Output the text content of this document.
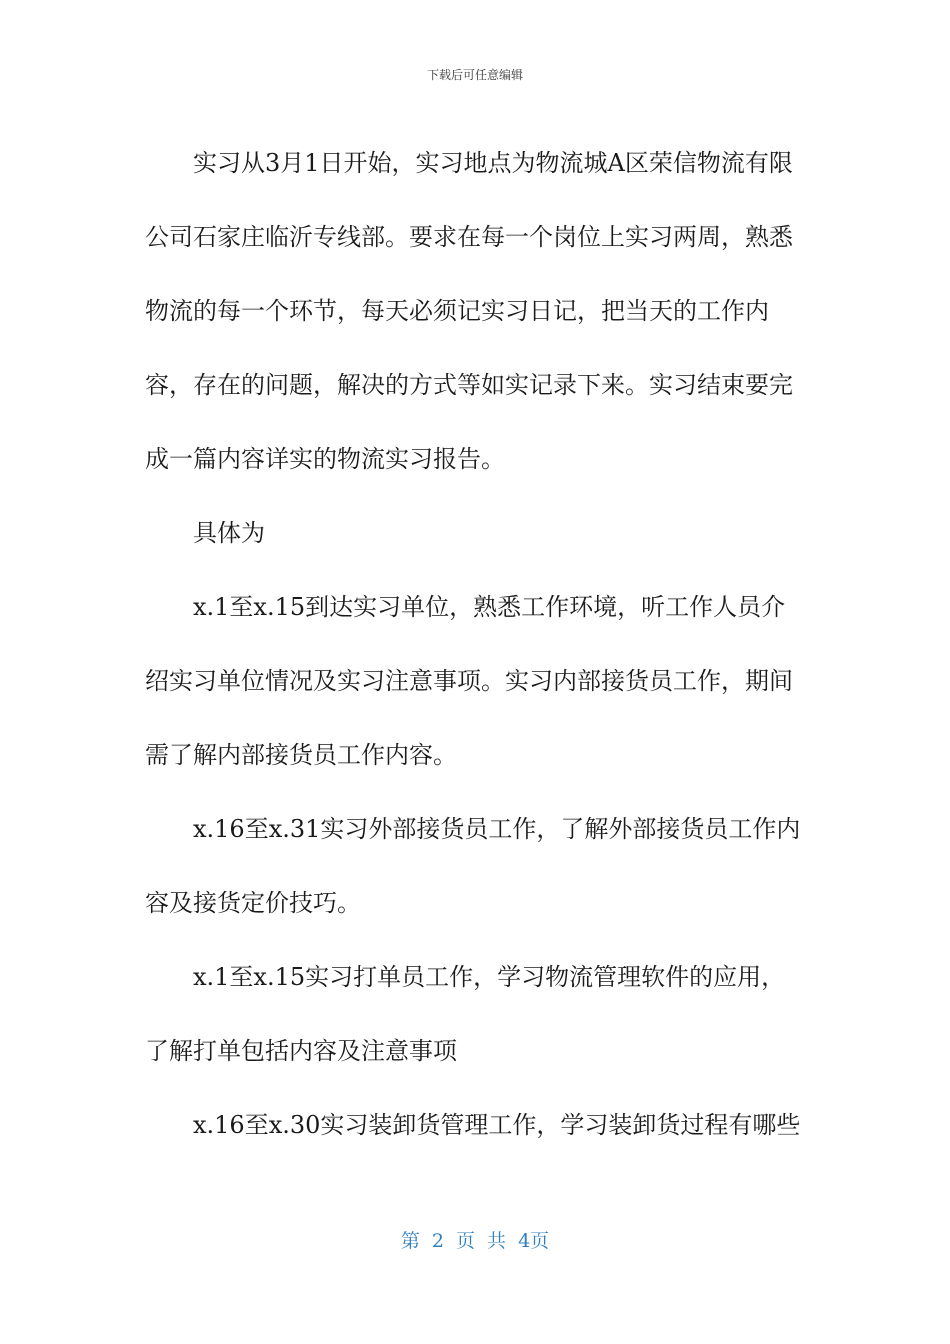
下载后可任意编辑

实习从3月1日开始，实习地点为物流城A区荣信物流有限公司石家庄临沂专线部。要求在每一个岗位上实习两周，熟悉物流的每一个环节，每天必须记实习日记，把当天的工作内容，存在的问题，解决的方式等如实记录下来。实习结束要完成一篇内容详实的物流实习报告。

具体为

x.1至x.15到达实习单位，熟悉工作环境，听工作人员介绍实习单位情况及实习注意事项。实习内部接货员工作，期间需了解内部接货员工作内容。

x.16至x.31实习外部接货员工作，了解外部接货员工作内容及接货定价技巧。

x.1至x.15实习打单员工作，学习物流管理软件的应用，了解打单包括内容及注意事项

x.16至x.30实习装卸货管理工作，学习装卸货过程有哪些

第 2 页 共 4页
